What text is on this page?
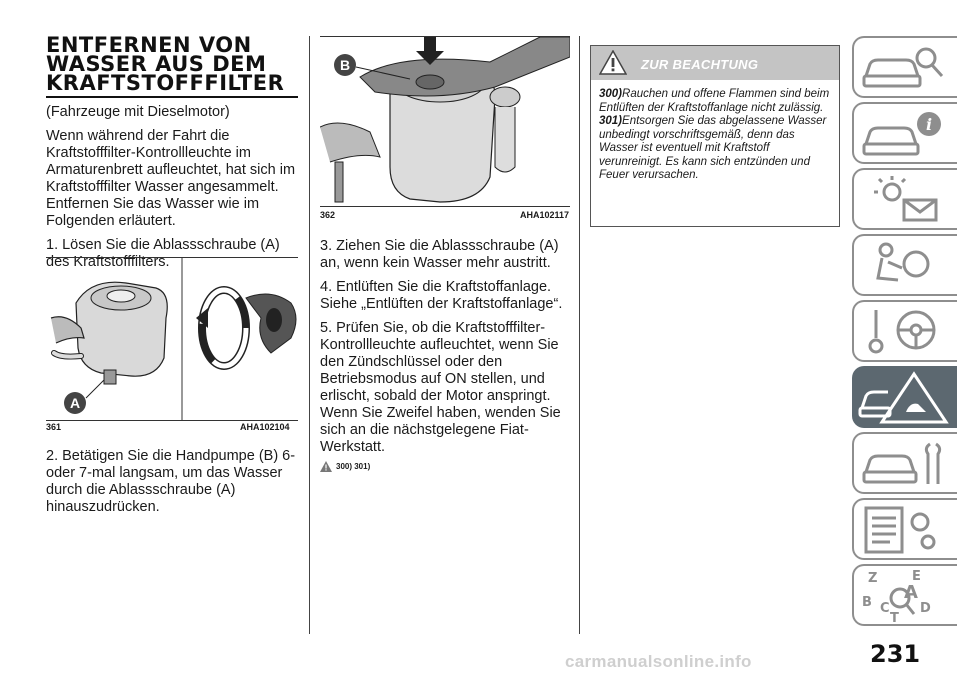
ENTFERNEN VON
WASSER AUS DEM
KRAFTSTOFFFILTER

(Fahrzeuge mit Dieselmotor)

Wenn während der Fahrt die Kraftstofffilter-Kontrollleuchte im Armaturenbrett aufleuchtet, hat sich im Kraftstofffilter Wasser angesammelt. Entfernen Sie das Wasser wie im Folgenden erläutert.

1. Lösen Sie die Ablassschraube (A) des Kraftstofffilters.

A
361	AHA102104

2. Betätigen Sie die Handpumpe (B) 6- oder 7-mal langsam, um das Wasser durch die Ablassschraube (A) hinauszudrücken.

B
362	AHA102117

3. Ziehen Sie die Ablassschraube (A) an, wenn kein Wasser mehr austritt.

4. Entlüften Sie die Kraftstoffanlage. Siehe „Entlüften der Kraftstoffanlage“.

5. Prüfen Sie, ob die Kraftstofffilter-Kontrollleuchte aufleuchtet, wenn Sie den Zündschlüssel oder den Betriebsmodus auf ON stellen, und erlischt, sobald der Motor anspringt. Wenn Sie Zweifel haben, wenden Sie sich an die nächstgelegene Fiat-Werkstatt.

300) 301)
ZUR BEACHTUNG
300)Rauchen und offene Flammen sind beim Entlüften der Kraftstoffanlage nicht zulässig.
301)Entsorgen Sie das abgelassene Wasser unbedingt vorschriftsgemäß, denn das Wasser ist eventuell mit Kraftstoff verunreinigt. Es kann sich entzünden und Feuer verursachen.
i
Z	E
B A
C D
T
231
carmanualsonline.info
